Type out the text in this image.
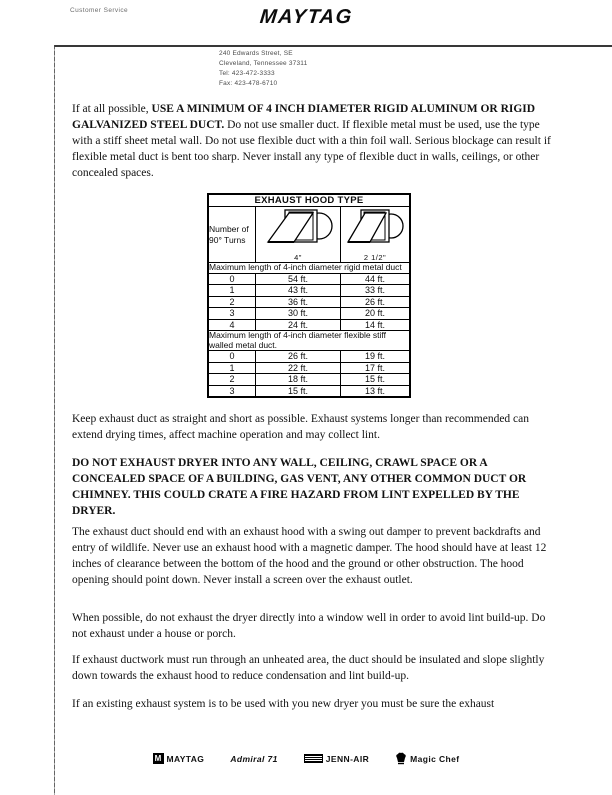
Customer Service	MAYTAG
240 Edwards Street, SE
Cleveland, Tennessee 37311
Tel: 423-472-3333
Fax: 423-478-6710
If at all possible, USE A MINIMUM OF 4 INCH DIAMETER RIGID ALUMINUM OR RIGID GALVANIZED STEEL DUCT. Do not use smaller duct. If flexible metal must be used, use the type with a stiff sheet metal wall. Do not use flexible duct with a thin foil wall. Serious blockage can result if flexible metal duct is bent too sharp. Never install any type of flexible duct in walls, ceilings, or other concealed spaces.
EXHAUST HOOD TYPE		
Number of 90° Turns	4"	2 1/2"

Maximum length of 4-inch diameter rigid metal duct		
0	54 ft.	44 ft.
1	43 ft.	33 ft.
2	36 ft.	26 ft.
3	30 ft.	20 ft.
4	24 ft.	14 ft.
Maximum length of 4-inch diameter flexible stiff walled metal duct.		
0	26 ft.	19 ft.
1	22 ft.	17 ft.
2	18 ft.	15 ft.
3	15 ft.	13 ft.
Keep exhaust duct as straight and short as possible. Exhaust systems longer than recommended can extend drying times, affect machine operation and may collect lint.
DO NOT EXHAUST DRYER INTO ANY WALL, CEILING, CRAWL SPACE OR A CONCEALED SPACE OF A BUILDING, GAS VENT, ANY OTHER COMMON DUCT OR CHIMNEY. THIS COULD CRATE A FIRE HAZARD FROM LINT EXPELLED BY THE DRYER.
The exhaust duct should end with an exhaust hood with a swing out damper to prevent backdrafts and entry of wildlife. Never use an exhaust hood with a magnetic damper. The hood should have at least 12 inches of clearance between the bottom of the hood and the ground or other obstruction. The hood opening should point down. Never install a screen over the exhaust outlet.
When possible, do not exhaust the dryer directly into a window well in order to avoid lint build-up. Do not exhaust under a house or porch.
If exhaust ductwork must run through an unheated area, the duct should be insulated and slope slightly down towards the exhaust hood to reduce condensation and lint build-up.
If an existing exhaust system is to be used with you new dryer you must be sure the exhaust
M MAYTAG	Admiral 71	JENN-AIR	Magic Chef
